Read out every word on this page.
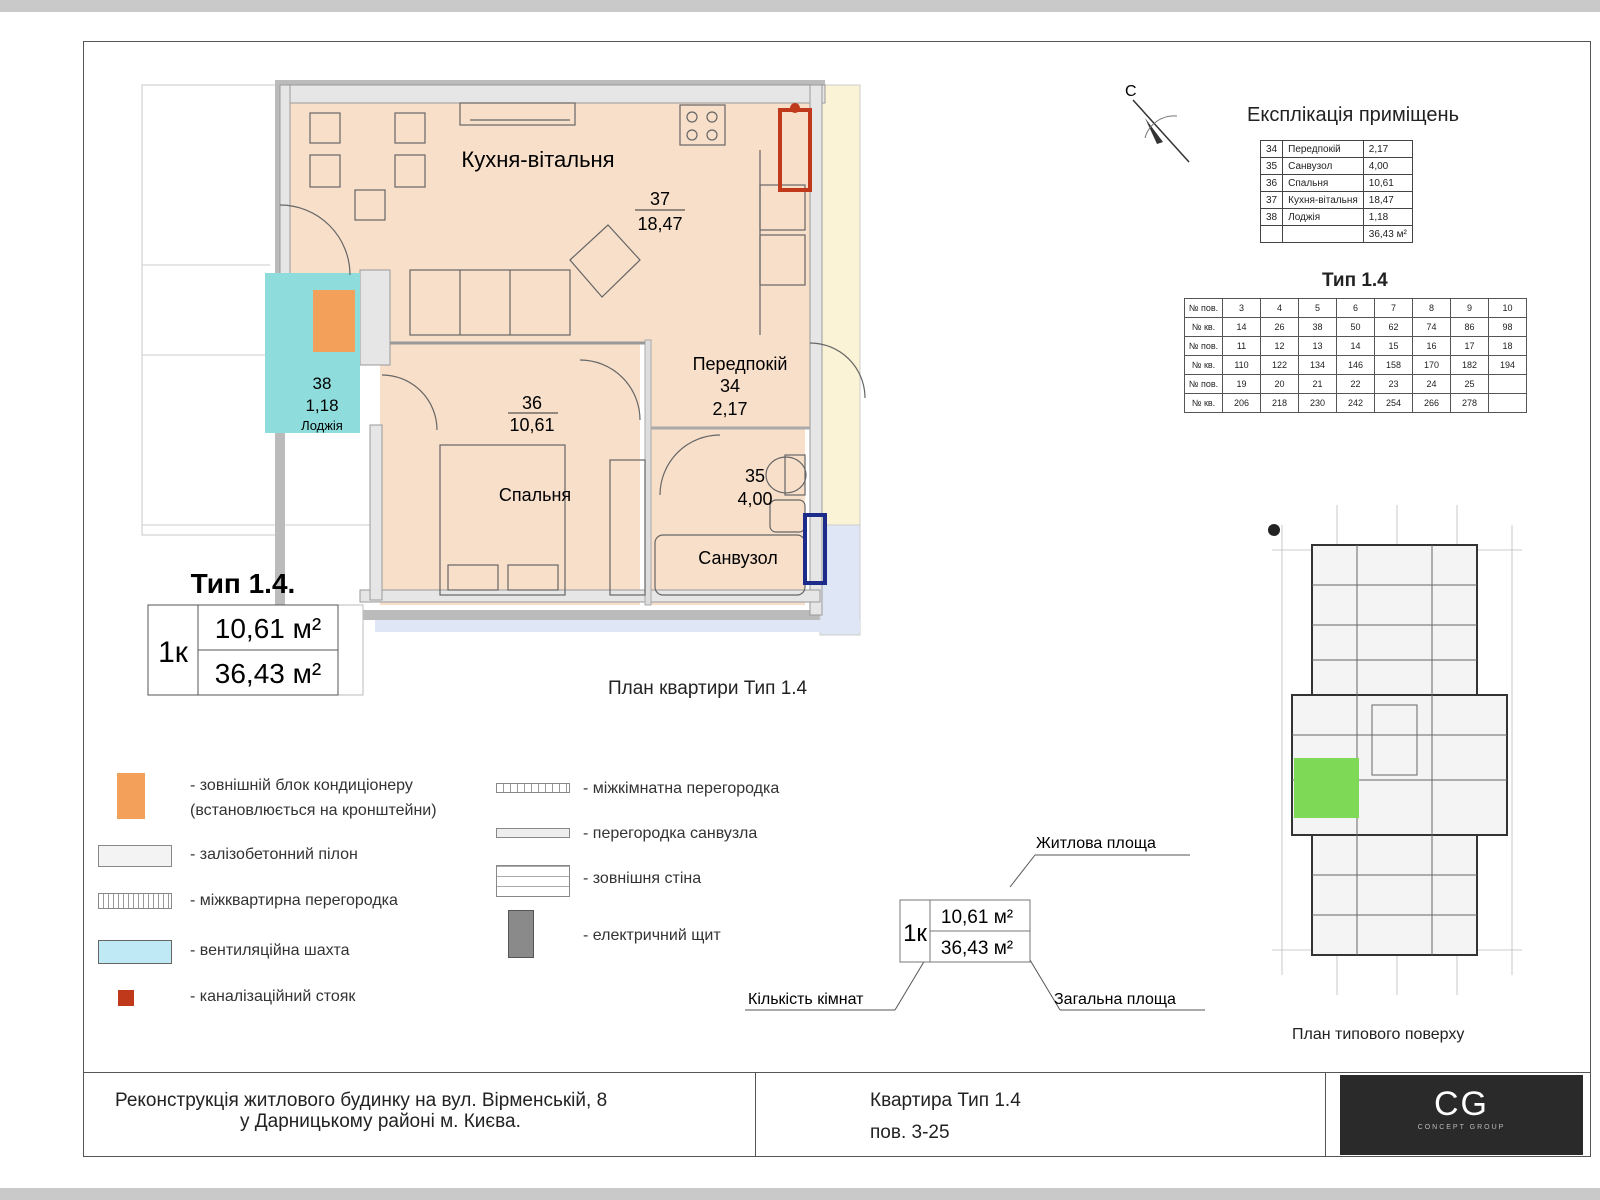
Кухня-вітальня
37
18,47
Передпокій
34
2,17
36
10,61
Спальня
35
4,00
Санвузол
38
1,18
Лоджія
Тип 1.4.
1к
10,61 м²
36,43 м²	План квартири Тип 1.4
С
Експлікація приміщень
34	Передпокій	2,17
35	Санвузол	4,00
36	Спальня	10,61
37	Кухня-вітальня	18,47
38	Лоджія	1,18
		36,43 м²
Тип 1.4
№ пов.	3	4	5	6	7	8	9	10
№ кв.	14	26	38	50	62	74	86	98
№ пов.	11	12	13	14	15	16	17	18
№ кв.	110	122	134	146	158	170	182	194
№ пов.	19	20	21	22	23	24	25	
№ кв.	206	218	230	242	254	266	278	
План типового поверху
- зовнішній блок кондиціонеру
(встановлюється на кронштейни)
- залізобетонний пілон
- міжквартирна перегородка
- вентиляційна шахта
- каналізаційний стояк
- міжкімнатна перегородка
- перегородка санвузла
- зовнішня стіна
- електричний щит
Житлова площа
Кількість кімнат	Загальна площа
1к
10,61 м²
36,43 м²
Реконструкція житлового будинку на вул. Вірменській, 8
у Дарницькому районі м. Києва.
Квартира Тип 1.4
пов. 3-25
CG
CONCEPT GROUP
